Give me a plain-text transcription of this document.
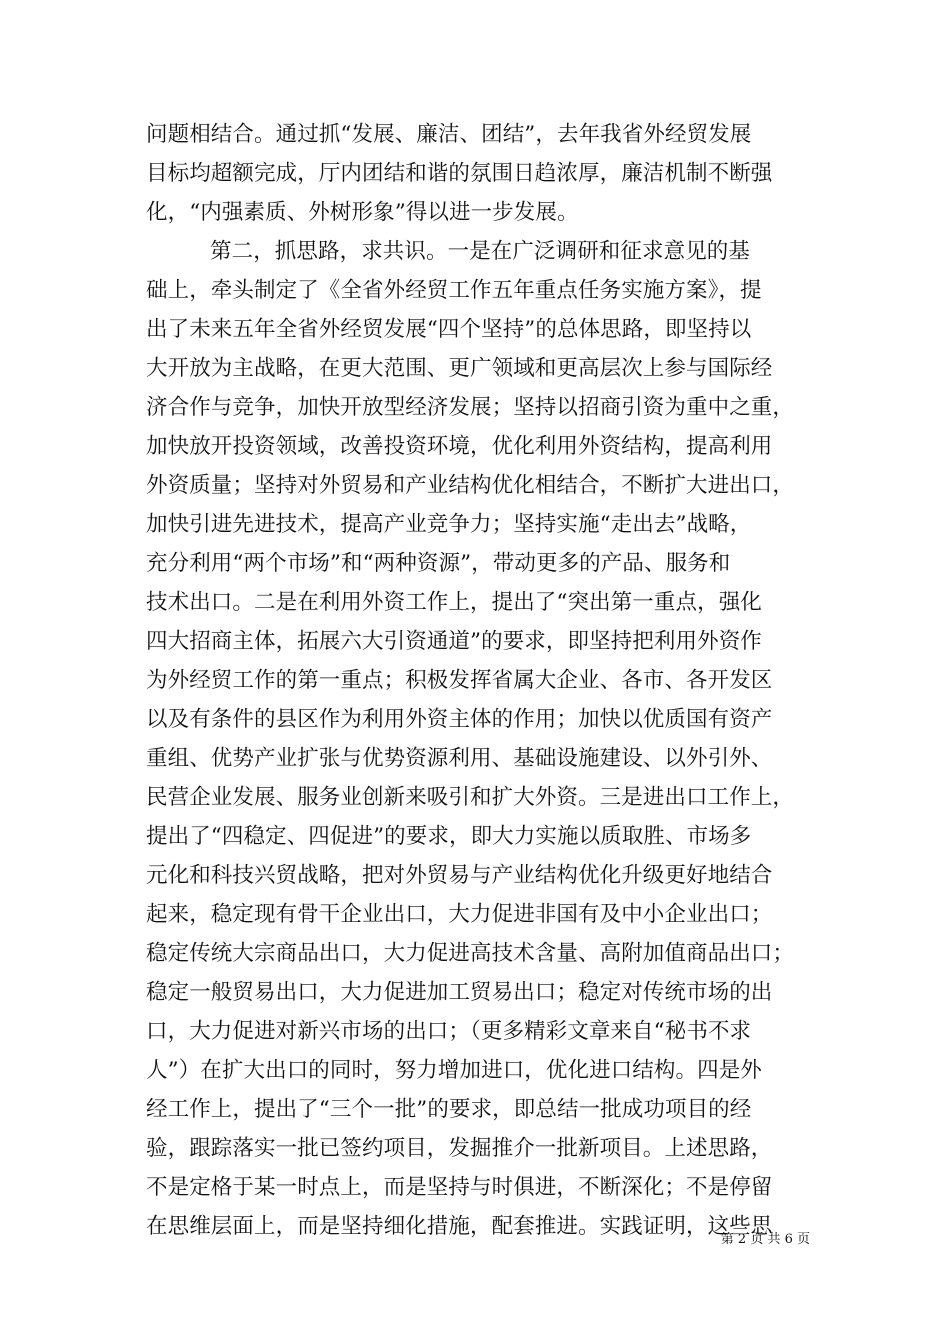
问题相结合。通过抓“发展、廉洁、团结”，去年我省外经贸发展
目标均超额完成，厅内团结和谐的氛围日趋浓厚，廉洁机制不断强
化，“内强素质、外树形象”得以进一步发展。
第二，抓思路，求共识。一是在广泛调研和征求意见的基
础上，牵头制定了《全省外经贸工作五年重点任务实施方案》，提
出了未来五年全省外经贸发展“四个坚持”的总体思路，即坚持以
大开放为主战略，在更大范围、更广领域和更高层次上参与国际经
济合作与竞争，加快开放型经济发展；坚持以招商引资为重中之重，
加快放开投资领域，改善投资环境，优化利用外资结构，提高利用
外资质量；坚持对外贸易和产业结构优化相结合，不断扩大进出口，
加快引进先进技术，提高产业竞争力；坚持实施“走出去”战略，
充分利用“两个市场”和“两种资源”，带动更多的产品、服务和
技术出口。二是在利用外资工作上，提出了“突出第一重点，强化
四大招商主体，拓展六大引资通道”的要求，即坚持把利用外资作
为外经贸工作的第一重点；积极发挥省属大企业、各市、各开发区
以及有条件的县区作为利用外资主体的作用；加快以优质国有资产
重组、优势产业扩张与优势资源利用、基础设施建设、以外引外、
民营企业发展、服务业创新来吸引和扩大外资。三是进出口工作上，
提出了“四稳定、四促进”的要求，即大力实施以质取胜、市场多
元化和科技兴贸战略，把对外贸易与产业结构优化升级更好地结合
起来，稳定现有骨干企业出口，大力促进非国有及中小企业出口；
稳定传统大宗商品出口，大力促进高技术含量、高附加值商品出口；
稳定一般贸易出口，大力促进加工贸易出口；稳定对传统市场的出
口，大力促进对新兴市场的出口；（更多精彩文章来自“秘书不求
人”）在扩大出口的同时，努力增加进口，优化进口结构。四是外
经工作上，提出了“三个一批”的要求，即总结一批成功项目的经
验，跟踪落实一批已签约项目，发掘推介一批新项目。上述思路，
不是定格于某一时点上，而是坚持与时俱进，不断深化；不是停留
在思维层面上，而是坚持细化措施，配套推进。实践证明，这些思
第 2 页 共 6 页
